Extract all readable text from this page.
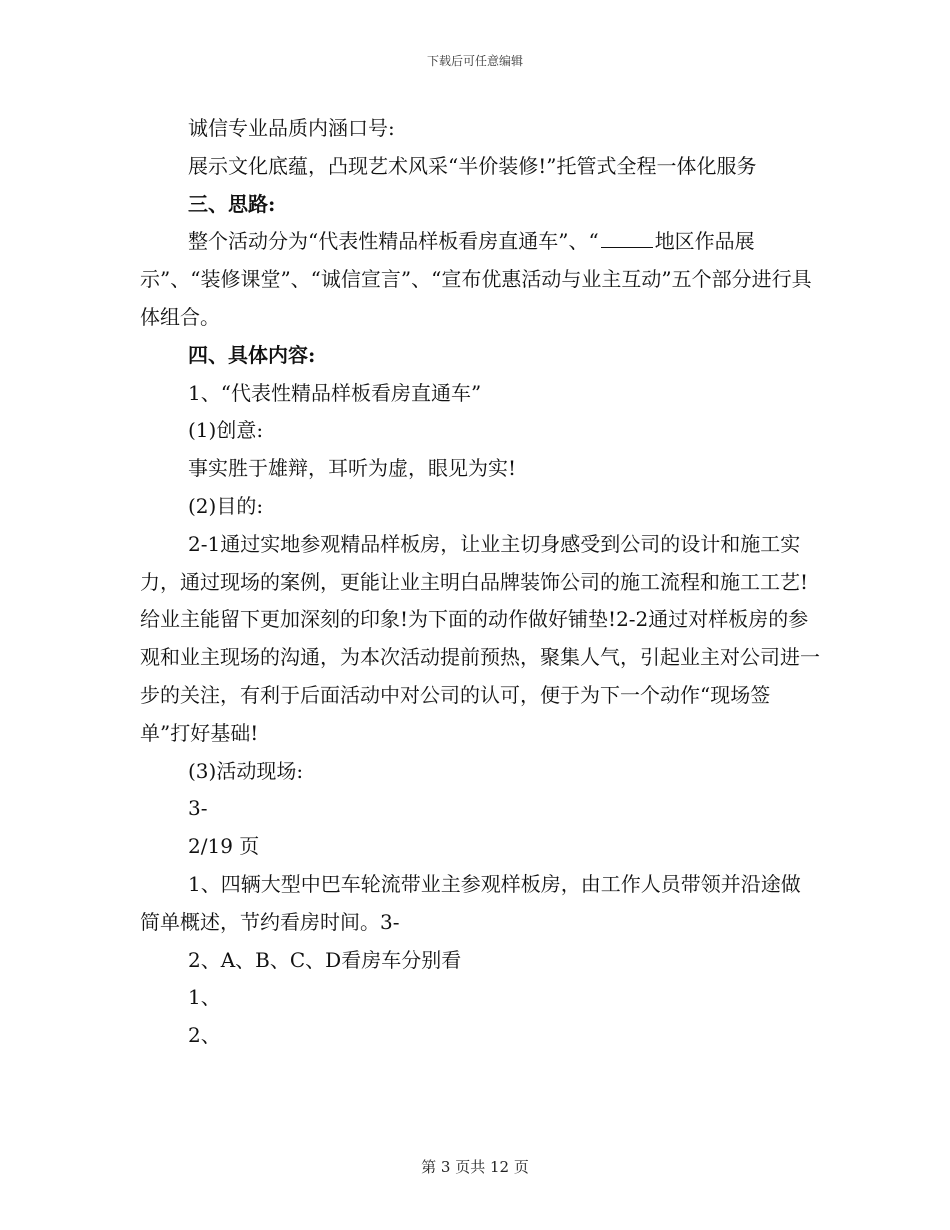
下载后可任意编辑

诚信专业品质内涵口号:

展示文化底蕴，凸现艺术风采“半价装修!”托管式全程一体化服务

三、思路:

整个活动分为“代表性精品样板看房直通车”、“	地区作品展示”、“装修课堂”、“诚信宣言”、“宣布优惠活动与业主互动”五个部分进行具体组合。

四、具体内容:

1、“代表性精品样板看房直通车”

(1)创意:

事实胜于雄辩，耳听为虚，眼见为实!

(2)目的:

2-1通过实地参观精品样板房，让业主切身感受到公司的设计和施工实力，通过现场的案例，更能让业主明白品牌装饰公司的施工流程和施工工艺!给业主能留下更加深刻的印象!为下面的动作做好铺垫!2-2通过对样板房的参观和业主现场的沟通，为本次活动提前预热，聚集人气，引起业主对公司进一步的关注，有利于后面活动中对公司的认可，便于为下一个动作“现场签单”打好基础!

(3)活动现场:

3-

2/19 页

1、四辆大型中巴车轮流带业主参观样板房，由工作人员带领并沿途做简单概述，节约看房时间。3-

2、A、B、C、D看房车分别看

1、

2、

第 3 页共 12 页
